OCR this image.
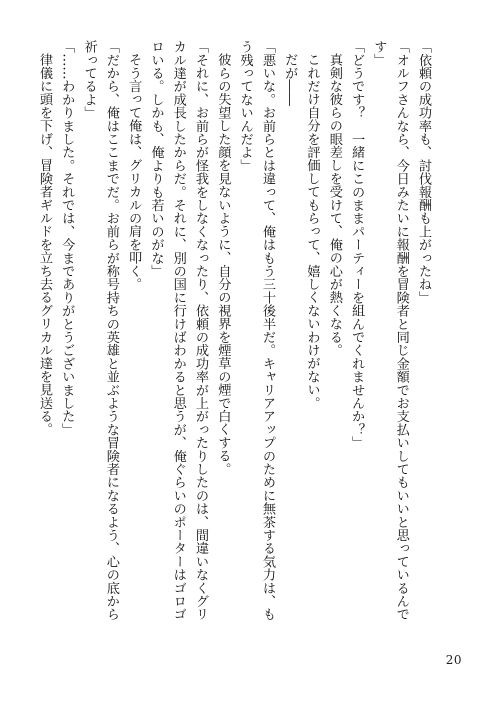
「依頼の成功率も、討伐報酬も上がったね」
「オルフさんなら、今日みたいに報酬を冒険者と同じ金額でお支払いしてもいいと思っているんで
す」
「どうです？　一緒にこのままパーティーを組んでくれませんか？」
真剣な彼らの眼差しを受けて、俺の心が熱くなる。
これだけ自分を評価してもらって、嬉しくないわけがない。
だが――
「悪いな。お前らとは違って、俺はもう三十後半だ。キャリアアップのために無茶する気力は、も
う残ってないんだよ」
彼らの失望した顔を見ないように、自分の視界を煙草の煙で白くする。
「それに、お前らが怪我をしなくなったり、依頼の成功率が上がったりしたのは、間違いなくグリ
カル達が成長したからだ。それに、別の国に行けばわかると思うが、俺ぐらいのポーターはゴロゴ
ロいる。しかも、俺よりも若いのがな」
そう言って俺は、グリカルの肩を叩く。
「だから、俺はここまでだ。お前らが称号持ちの英雄と並ぶような冒険者になるよう、心の底から
祈ってるよ」
「……わかりました。それでは、今までありがとうございました」
律儀に頭を下げ、冒険者ギルドを立ち去るグリカル達を見送る。
20
